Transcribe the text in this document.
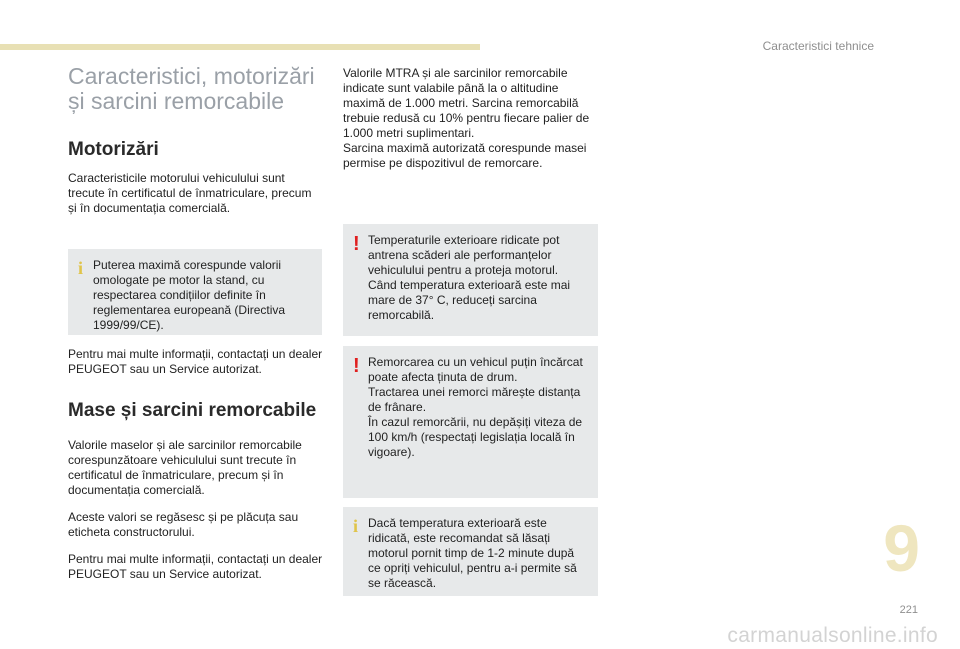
Caracteristici tehnice
Caracteristici, motorizări și sarcini remorcabile
Motorizări

Caracteristicile motorului vehiculului sunt trecute în certificatul de înmatriculare, precum și în documentația comercială.

i Puterea maximă corespunde valorii omologate pe motor la stand, cu respectarea condițiilor definite în reglementarea europeană (Directiva 1999/99/CE).

Pentru mai multe informații, contactați un dealer PEUGEOT sau un Service autorizat.

Mase și sarcini remorcabile

Valorile maselor și ale sarcinilor remorcabile corespunzătoare vehiculului sunt trecute în certificatul de înmatriculare, precum și în documentația comercială.

Aceste valori se regăsesc și pe plăcuța sau eticheta constructorului.

Pentru mai multe informații, contactați un dealer PEUGEOT sau un Service autorizat.

Valorile MTRA și ale sarcinilor remorcabile indicate sunt valabile până la o altitudine maximă de 1.000 metri. Sarcina remorcabilă trebuie redusă cu 10% pentru fiecare palier de 1.000 metri suplimentari.

Sarcina maximă autorizată corespunde masei permise pe dispozitivul de remorcare.

! Temperaturile exterioare ridicate pot antrena scăderi ale performanțelor vehiculului pentru a proteja motorul. Când temperatura exterioară este mai mare de 37° C, reduceți sarcina remorcabilă.
! Remorcarea cu un vehicul puțin încărcat poate afecta ținuta de drum.
Tractarea unei remorci mărește distanța de frânare.
În cazul remorcării, nu depășiți viteza de 100 km/h (respectați legislația locală în vigoare).
i Dacă temperatura exterioară este ridicată, este recomandat să lăsați motorul pornit timp de 1-2 minute după ce opriți vehiculul, pentru a-i permite să se răcească.	9
221
carmanualsonline.info
